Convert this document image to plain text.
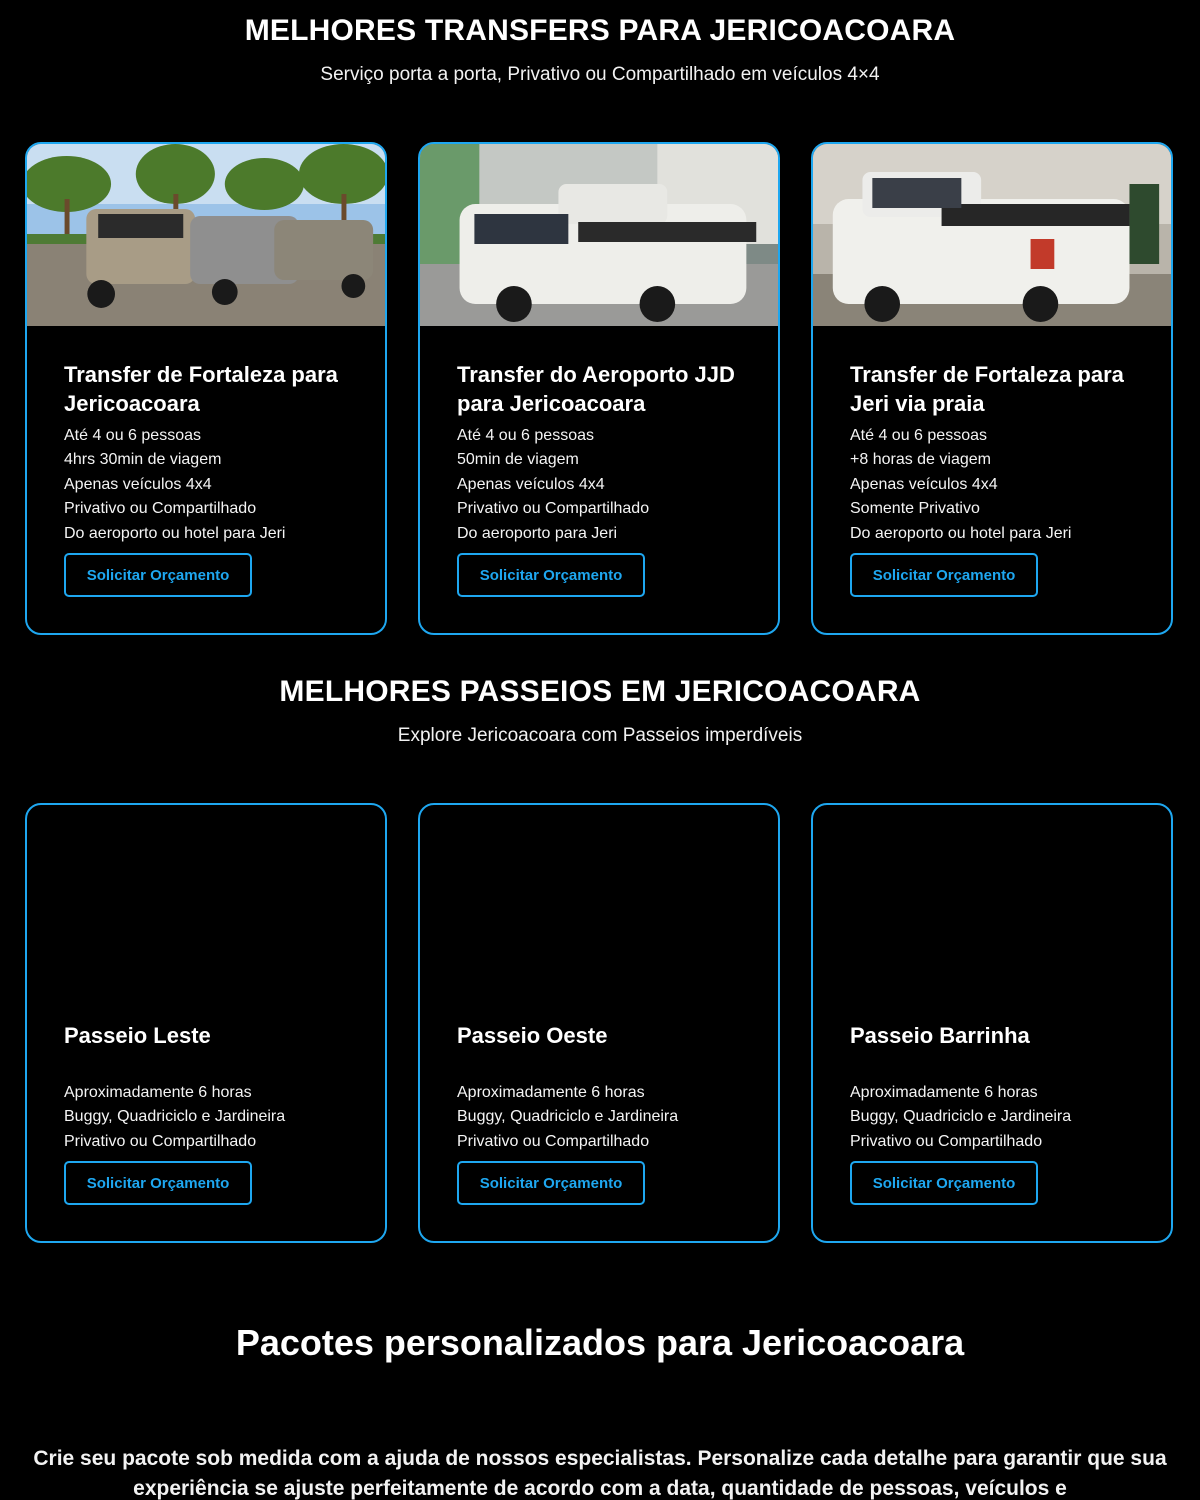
MELHORES TRANSFERS PARA JERICOACOARA

Serviço porta a porta, Privativo ou Compartilhado em veículos 4×4

Transfer de Fortaleza para Jericoacoara
Até 4 ou 6 pessoas
4hrs 30min de viagem
Apenas veículos 4x4
Privativo ou Compartilhado
Do aeroporto ou hotel para Jeri
Solicitar Orçamento
Transfer do Aeroporto JJD para Jericoacoara
Até 4 ou 6 pessoas
50min de viagem
Apenas veículos 4x4
Privativo ou Compartilhado
Do aeroporto para Jeri
Solicitar Orçamento
Transfer de Fortaleza para Jeri via praia
Até 4 ou 6 pessoas
+8 horas de viagem
Apenas veículos 4x4
Somente Privativo
Do aeroporto ou hotel para Jeri
Solicitar Orçamento
MELHORES PASSEIOS EM JERICOACOARA

Explore Jericoacoara com Passeios imperdíveis

Passeio Leste
Aproximadamente 6 horas
Buggy, Quadriciclo e Jardineira
Privativo ou Compartilhado
Solicitar Orçamento
Passeio Oeste
Aproximadamente 6 horas
Buggy, Quadriciclo e Jardineira
Privativo ou Compartilhado
Solicitar Orçamento
Passeio Barrinha
Aproximadamente 6 horas
Buggy, Quadriciclo e Jardineira
Privativo ou Compartilhado
Solicitar Orçamento
Pacotes personalizados para Jericoacoara

Crie seu pacote sob medida com a ajuda de nossos especialistas. Personalize cada detalhe para garantir que sua experiência se ajuste perfeitamente de acordo com a data, quantidade de pessoas, veículos e
